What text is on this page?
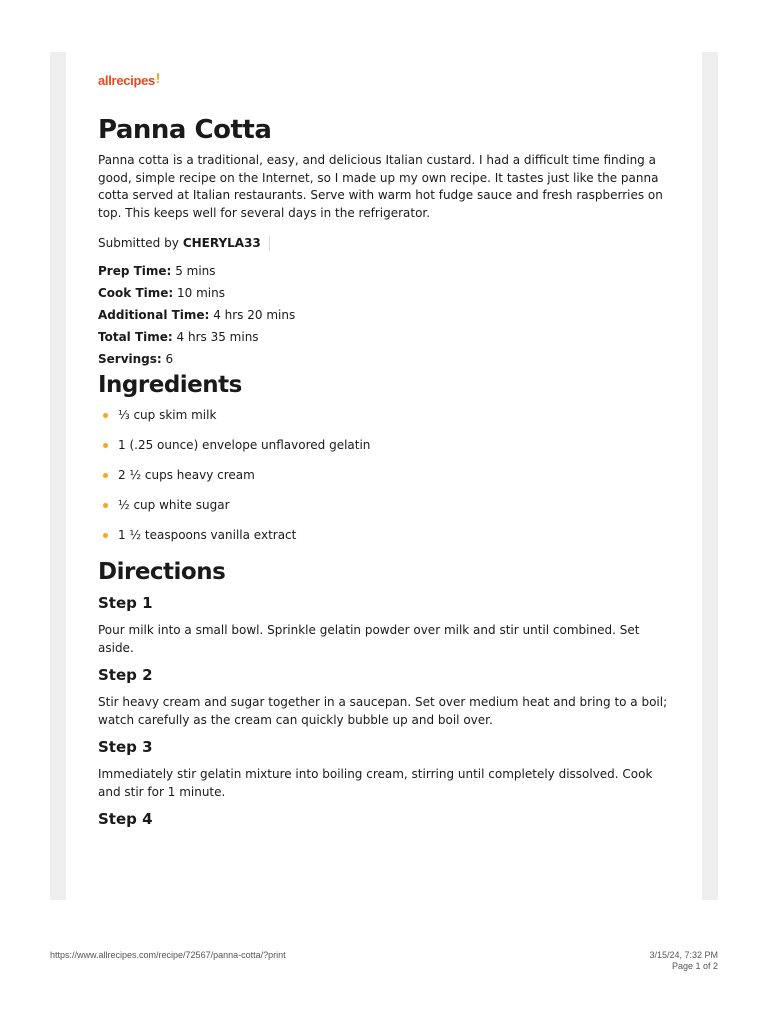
allrecipes
Panna Cotta

Panna cotta is a traditional, easy, and delicious Italian custard. I had a difficult time finding a good, simple recipe on the Internet, so I made up my own recipe. It tastes just like the panna cotta served at Italian restaurants. Serve with warm hot fudge sauce and fresh raspberries on top. This keeps well for several days in the refrigerator.

Submitted by CHERYLA33
Prep Time: 5 mins
Cook Time: 10 mins
Additional Time: 4 hrs 20 mins
Total Time: 4 hrs 35 mins
Servings: 6
Ingredients
⅓ cup skim milk
1 (.25 ounce) envelope unflavored gelatin
2 ½ cups heavy cream
½ cup white sugar
1 ½ teaspoons vanilla extract
Directions
Step 1

Pour milk into a small bowl. Sprinkle gelatin powder over milk and stir until combined. Set aside.

Step 2

Stir heavy cream and sugar together in a saucepan. Set over medium heat and bring to a boil; watch carefully as the cream can quickly bubble up and boil over.

Step 3

Immediately stir gelatin mixture into boiling cream, stirring until completely dissolved. Cook and stir for 1 minute.

Step 4
https://www.allrecipes.com/recipe/72567/panna-cotta/?print	3/15/24, 7:32 PM
Page 1 of 2
